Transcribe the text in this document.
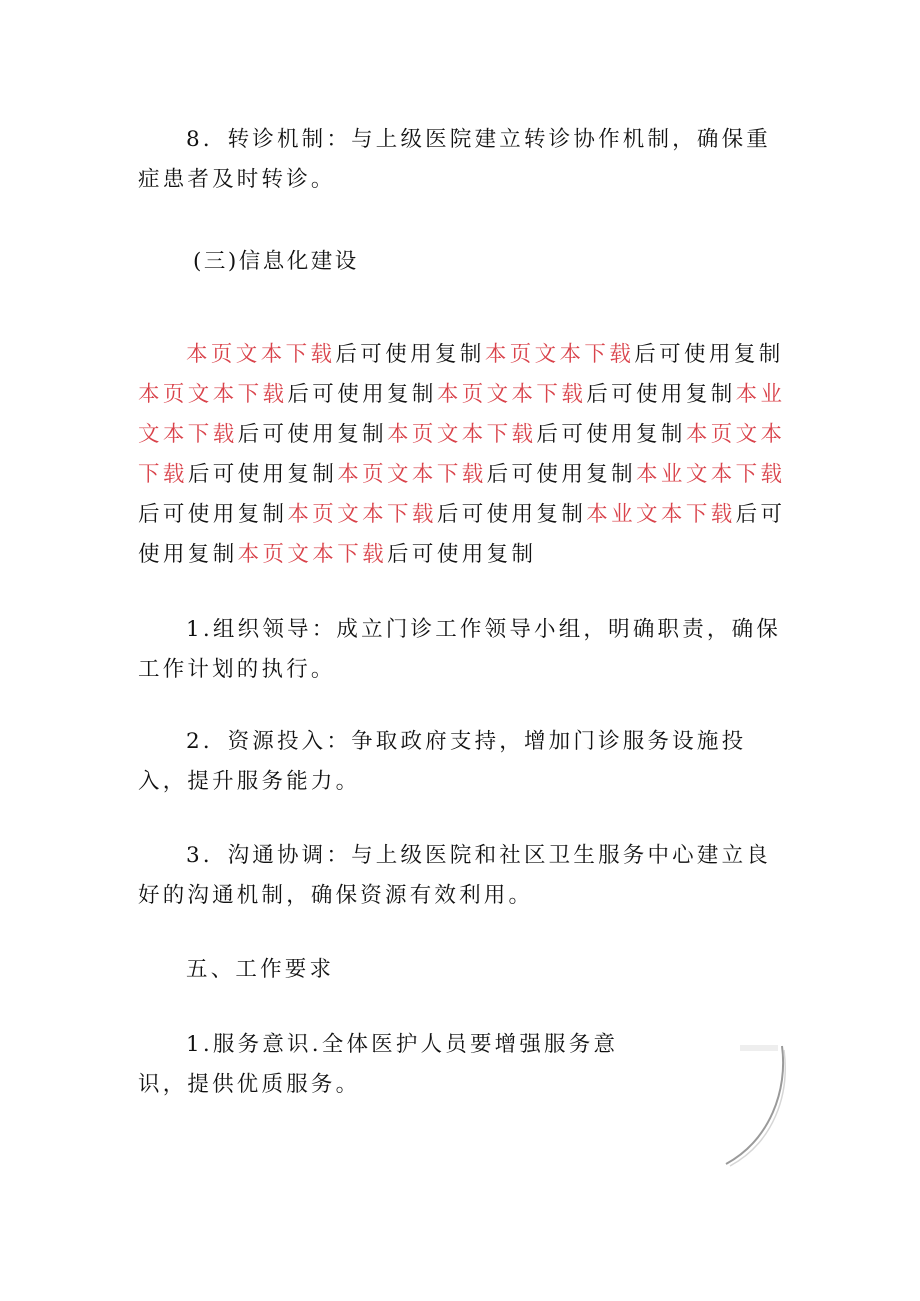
8．转诊机制：与上级医院建立转诊协作机制，确保重症患者及时转诊。

(三)信息化建设

本页文本下载后可使用复制本页文本下载后可使用复制本页文本下载后可使用复制本页文本下载后可使用复制本业文本下载后可使用复制本页文本下载后可使用复制本页文本下载后可使用复制本页文本下载后可使用复制本业文本下载后可使用复制本页文本下载后可使用复制本业文本下载后可使用复制本页文本下载后可使用复制

1.组织领导：成立门诊工作领导小组，明确职责，确保工作计划的执行。

2．资源投入：争取政府支持，增加门诊服务设施投入，提升服务能力。

3．沟通协调：与上级医院和社区卫生服务中心建立良好的沟通机制，确保资源有效利用。

五、工作要求

1.服务意识.全体医护人员要增强服务意识，提供优质服务。
